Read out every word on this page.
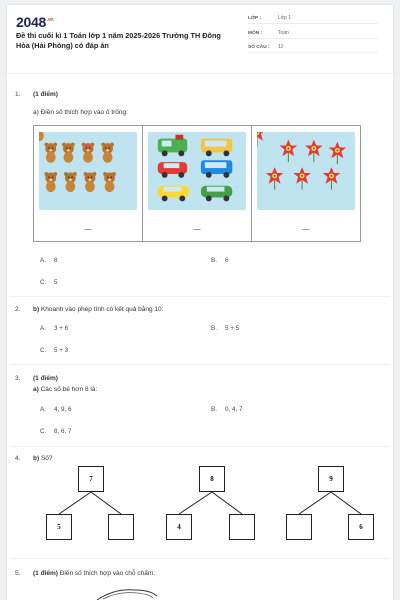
$2048^{.vn}$
Đề thi cuối kì 1 Toán lớp 1 năm 2025-2026 Trường TH Đông Hòa (Hải Phòng) có đáp án
LỚP :	Lớp 1
MÔN :	Toán
SỐ CÂU :	12
1. (1 điểm)
a) Điền số thích hợp vào ô trống:
—	—	—
A. 8	B. 6
C. 5
2. b) Khoanh vào phép tính có kết quả bằng 10:
A. 3 + 6	B. 5 + 5
C. 5 + 3
3. (1 điểm)
a) Các số bé hơn 8 là:
A. 4, 9, 6	B. 0, 4, 7
C. 8, 6, 7
4. b) Số?
7
5
8
4
9
6
5. (1 điểm) Điền số thích hợp vào chỗ chấm:
